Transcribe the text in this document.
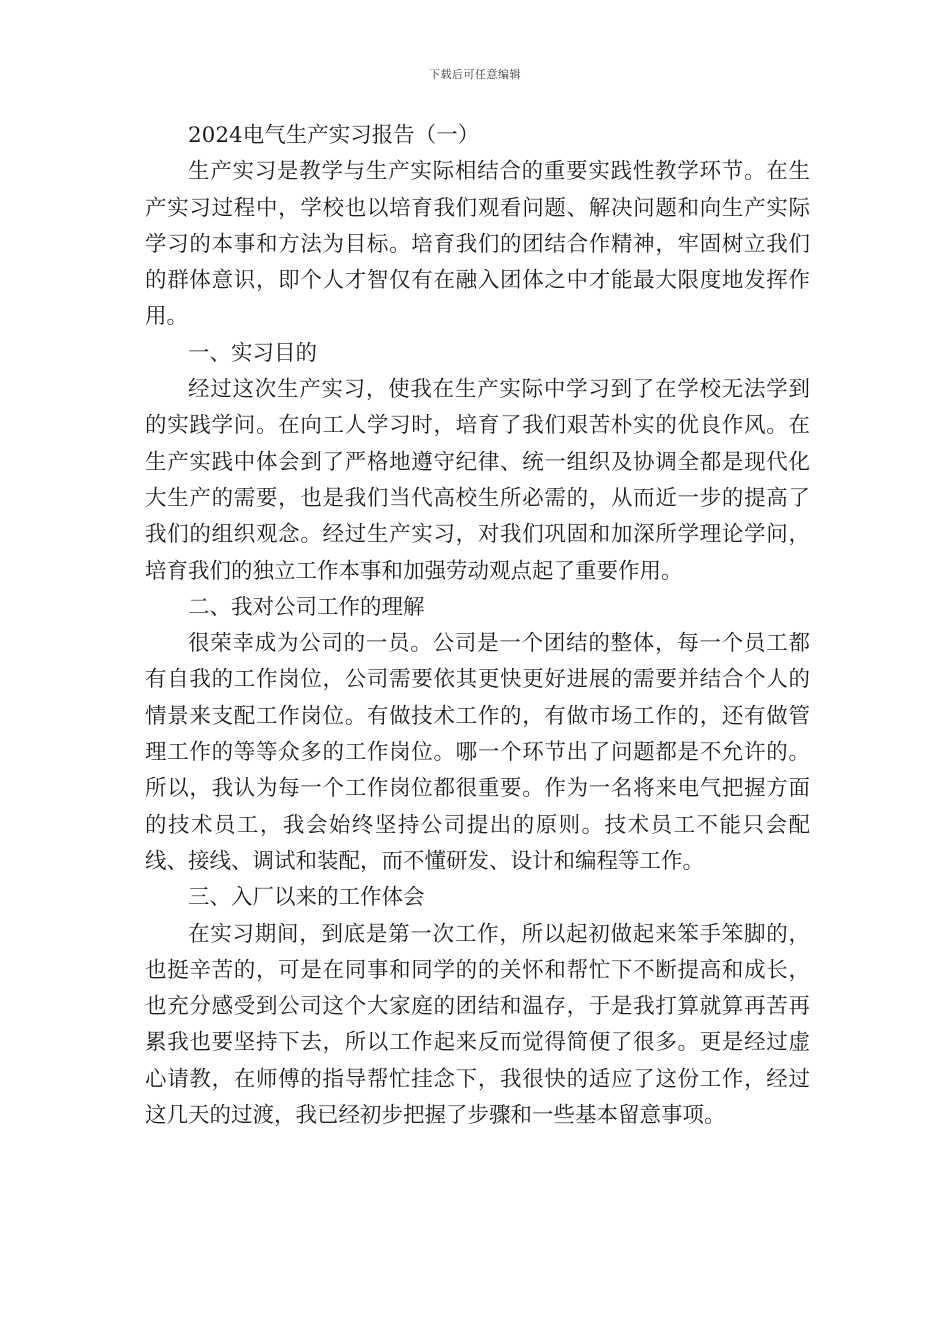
下载后可任意编辑

2024电气生产实习报告（一）

生产实习是教学与生产实际相结合的重要实践性教学环节。在生产实习过程中，学校也以培育我们观看问题、解决问题和向生产实际学习的本事和方法为目标。培育我们的团结合作精神，牢固树立我们的群体意识，即个人才智仅有在融入团体之中才能最大限度地发挥作用。

一、实习目的

经过这次生产实习，使我在生产实际中学习到了在学校无法学到的实践学问。在向工人学习时，培育了我们艰苦朴实的优良作风。在生产实践中体会到了严格地遵守纪律、统一组织及协调全都是现代化大生产的需要，也是我们当代高校生所必需的，从而近一步的提高了我们的组织观念。经过生产实习，对我们巩固和加深所学理论学问，培育我们的独立工作本事和加强劳动观点起了重要作用。

二、我对公司工作的理解

很荣幸成为公司的一员。公司是一个团结的整体，每一个员工都有自我的工作岗位，公司需要依其更快更好进展的需要并结合个人的情景来支配工作岗位。有做技术工作的，有做市场工作的，还有做管理工作的等等众多的工作岗位。哪一个环节出了问题都是不允许的。所以，我认为每一个工作岗位都很重要。作为一名将来电气把握方面的技术员工，我会始终坚持公司提出的原则。技术员工不能只会配线、接线、调试和装配，而不懂研发、设计和编程等工作。

三、入厂以来的工作体会

在实习期间，到底是第一次工作，所以起初做起来笨手笨脚的，也挺辛苦的，可是在同事和同学的的关怀和帮忙下不断提高和成长，也充分感受到公司这个大家庭的团结和温存，于是我打算就算再苦再累我也要坚持下去，所以工作起来反而觉得简便了很多。更是经过虚心请教，在师傅的指导帮忙挂念下，我很快的适应了这份工作，经过这几天的过渡，我已经初步把握了步骤和一些基本留意事项。
